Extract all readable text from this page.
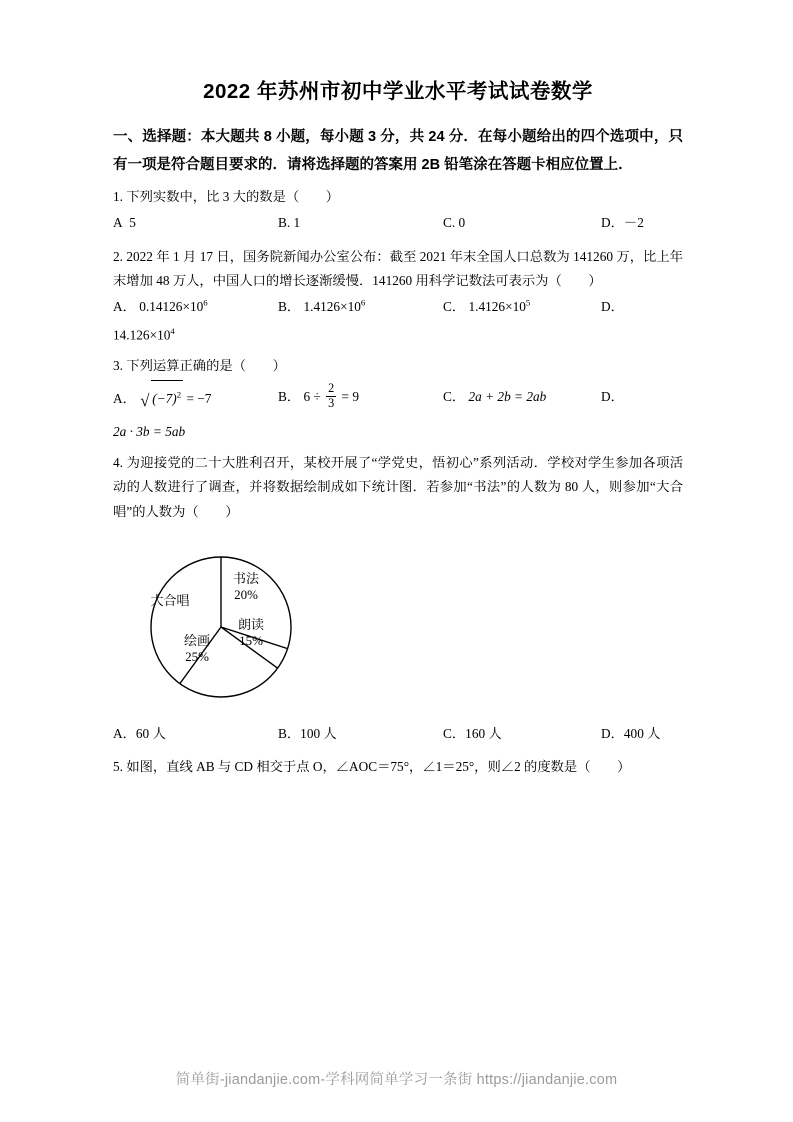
2022 年苏州市初中学业水平考试试卷数学
一、选择题：本大题共 8 小题，每小题 3 分，共 24 分．在每小题给出的四个选项中，只有一项是符合题目要求的．请将选择题的答案用 2B 铅笔涂在答题卡相应位置上．
1. 下列实数中，比 3 大的数是（　　）
A  5	B. 1	C. 0	D．－2
2. 2022 年 1 月 17 日，国务院新闻办公室公布：截至 2021 年末全国人口总数为 141260 万，比上年末增加 48 万人，中国人口的增长逐渐缓慢．141260 用科学记数法可表示为（　　）
A． $0.14126\times 10^6$	B． $1.4126\times 10^6$	C． $1.4126\times 10^5$	D．
$14.126\times 10^4$
3. 下列运算正确的是（　　）
A． √ $(-7)^2 = -7$	B． $6 \div \frac{2}{3} = 9$	C． 2a + 2b = 2ab	D．
2a · 3b = 5ab
4. 为迎接党的二十大胜利召开，某校开展了“学党史，悟初心”系列活动．学校对学生参加各项活动的人数进行了调查，并将数据绘制成如下统计图．若参加“书法”的人数为 80 人，则参加“大合唱”的人数为（　　）
大合唱
书法
20%
朗读
15%
绘画
25%
A．60 人	B．100 人	C．160 人	D．400 人
5. 如图，直线 AB 与 CD 相交于点 O，∠AOC＝75°，∠1＝25°，则∠2 的度数是（　　）
简单街-jiandanjie.com-学科网简单学习一条街 https://jiandanjie.com
